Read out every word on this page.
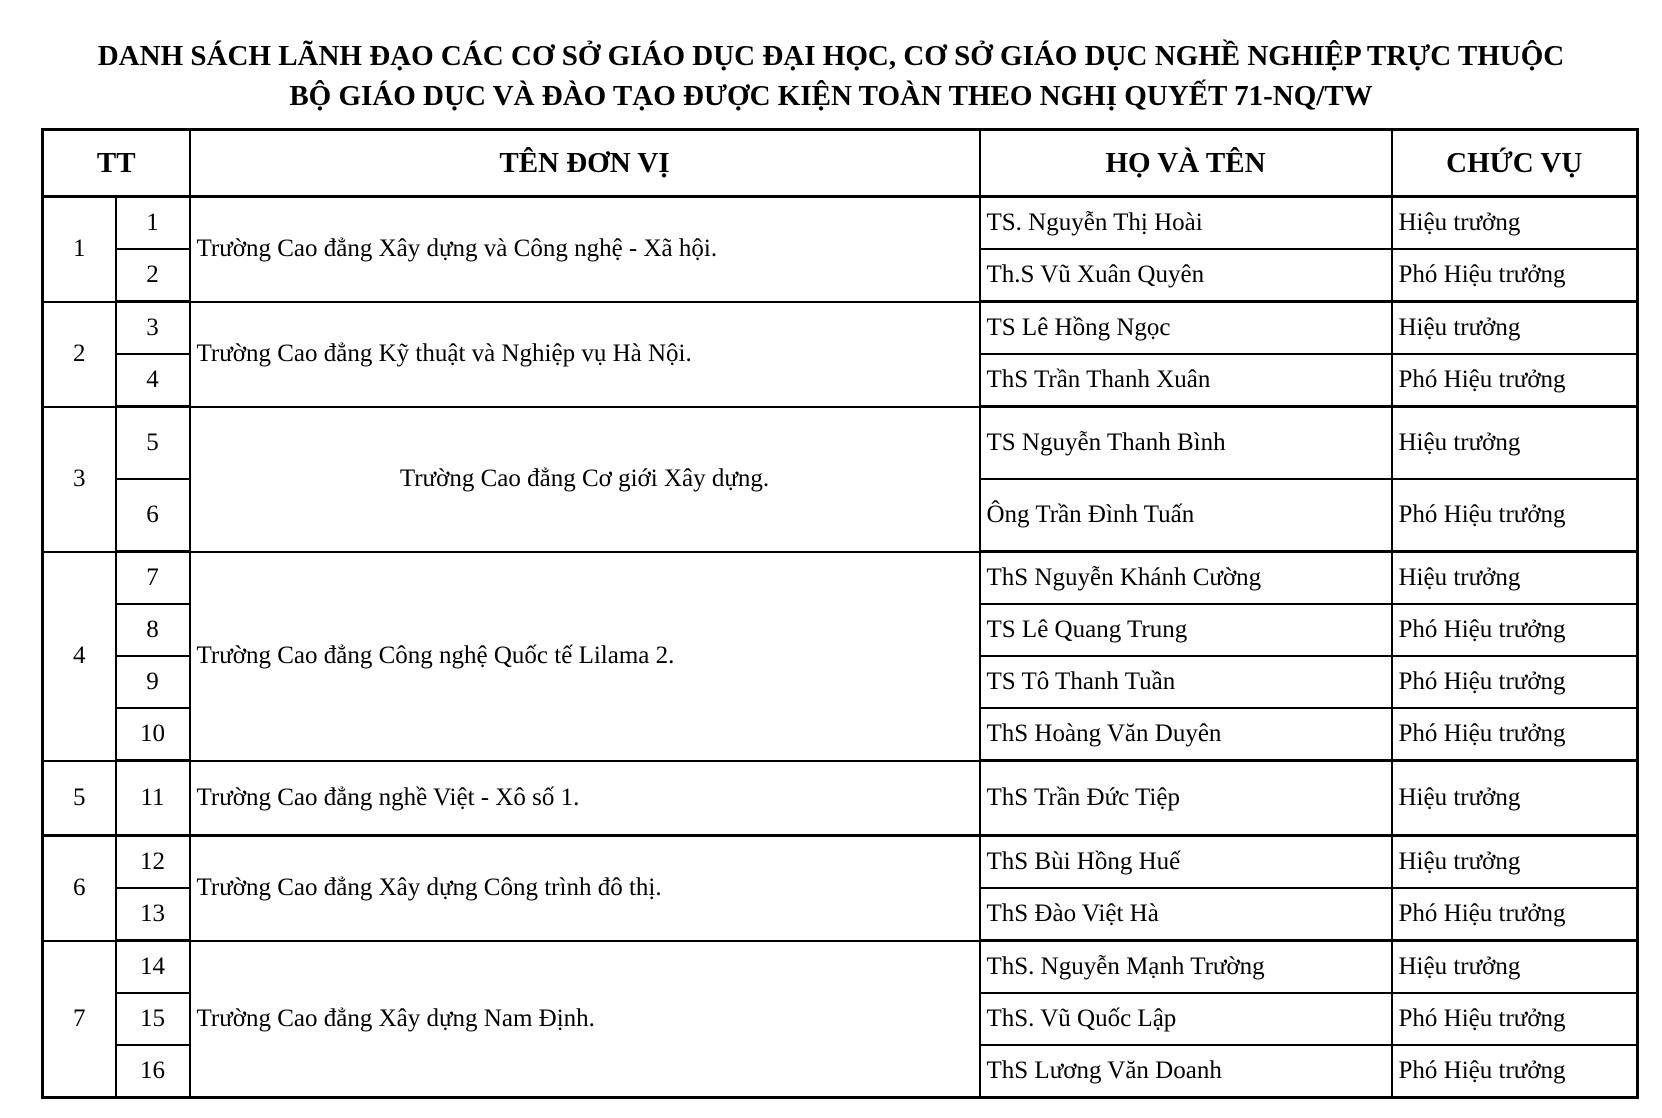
DANH SÁCH LÃNH ĐẠO CÁC CƠ SỞ GIÁO DỤC ĐẠI HỌC, CƠ SỞ GIÁO DỤC NGHỀ NGHIỆP TRỰC THUỘC
BỘ GIÁO DỤC VÀ ĐÀO TẠO ĐƯỢC KIỆN TOÀN THEO NGHỊ QUYẾT 71-NQ/TW
TT		TÊN ĐƠN VỊ	HỌ VÀ TÊN	CHỨC VỤ
1	1	Trường Cao đẳng Xây dựng và Công nghệ - Xã hội.	TS. Nguyễn Thị Hoài	Hiệu trưởng
	2		Th.S Vũ Xuân Quyên	Phó Hiệu trưởng
2	3	Trường Cao đẳng Kỹ thuật và Nghiệp vụ Hà Nội.	TS Lê Hồng Ngọc	Hiệu trưởng
	4		ThS Trần Thanh Xuân	Phó Hiệu trưởng
3	5	Trường Cao đẳng Cơ giới Xây dựng.	TS Nguyễn Thanh Bình	Hiệu trưởng
	6		Ông Trần Đình Tuấn	Phó Hiệu trưởng
4	7	Trường Cao đẳng Công nghệ Quốc tế Lilama 2.	ThS Nguyễn Khánh Cường	Hiệu trưởng
	8		TS Lê Quang Trung	Phó Hiệu trưởng
	9		TS Tô Thanh Tuần	Phó Hiệu trưởng
	10		ThS Hoàng Văn Duyên	Phó Hiệu trưởng
5	11	Trường Cao đẳng nghề Việt - Xô số 1.	ThS Trần Đức Tiệp	Hiệu trưởng
6	12	Trường Cao đẳng Xây dựng Công trình đô thị.	ThS Bùi Hồng Huế	Hiệu trưởng
	13		ThS Đào Việt Hà	Phó Hiệu trưởng
7	14	Trường Cao đẳng Xây dựng Nam Định.	ThS. Nguyễn Mạnh Trường	Hiệu trưởng
	15		ThS. Vũ Quốc Lập	Phó Hiệu trưởng
	16		ThS Lương Văn Doanh	Phó Hiệu trưởng
